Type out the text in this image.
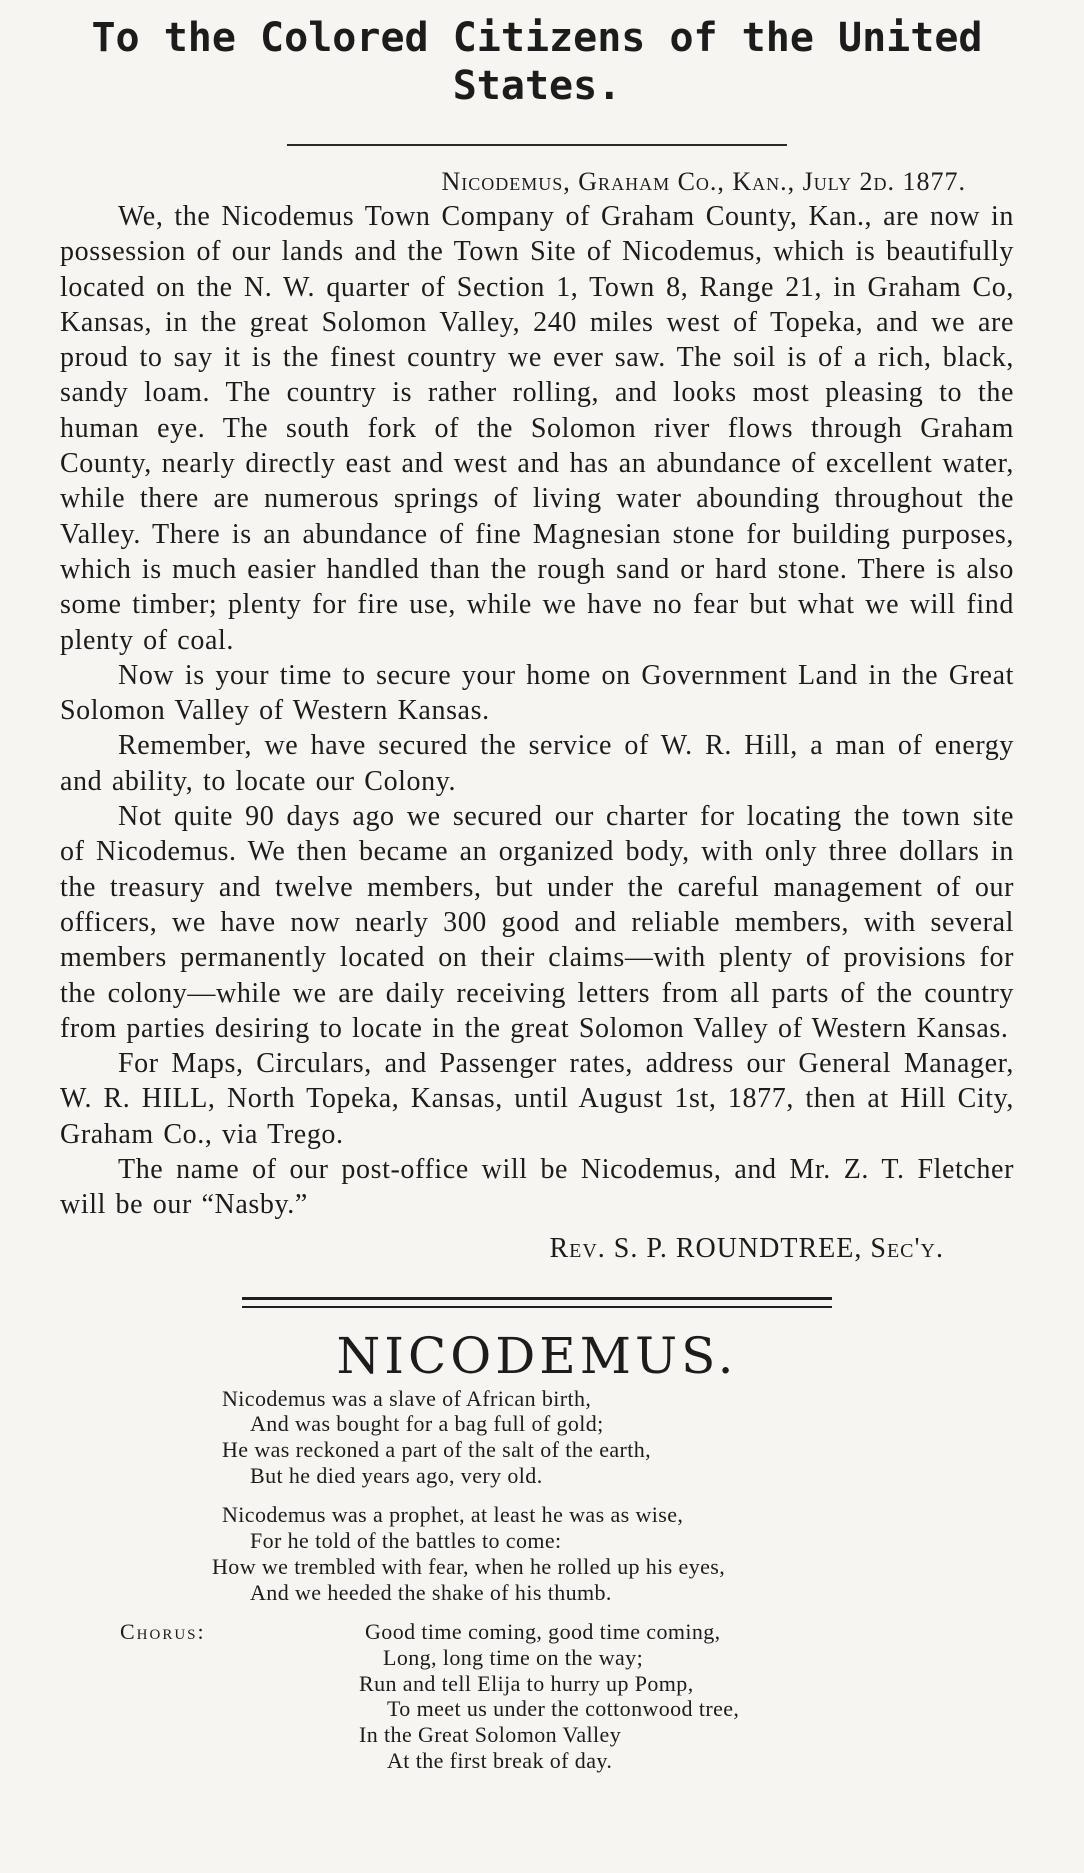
To the Colored Citizens of the United States.
Nicodemus, Graham Co., Kan., July 2d. 1877.

We, the Nicodemus Town Company of Graham County, Kan., are now in possession of our lands and the Town Site of Nicodemus, which is beautifully located on the N. W. quarter of Section 1, Town 8, Range 21, in Graham Co, Kansas, in the great Solomon Valley, 240 miles west of Topeka, and we are proud to say it is the finest country we ever saw. The soil is of a rich, black, sandy loam. The country is rather rolling, and looks most pleasing to the human eye. The south fork of the Solomon river flows through Graham County, nearly directly east and west and has an abundance of excellent water, while there are numerous springs of living water abounding throughout the Valley. There is an abundance of fine Magnesian stone for building purposes, which is much easier handled than the rough sand or hard stone. There is also some timber; plenty for fire use, while we have no fear but what we will find plenty of coal.

Now is your time to secure your home on Government Land in the Great Solomon Valley of Western Kansas.

Remember, we have secured the service of W. R. Hill, a man of energy and ability, to locate our Colony.

Not quite 90 days ago we secured our charter for locating the town site of Nicodemus. We then became an organized body, with only three dollars in the treasury and twelve members, but under the careful management of our officers, we have now nearly 300 good and reliable members, with several members permanently located on their claims—with plenty of provisions for the colony—while we are daily receiving letters from all parts of the country from parties desiring to locate in the great Solomon Valley of Western Kansas.

For Maps, Circulars, and Passenger rates, address our General Manager, W. R. HILL, North Topeka, Kansas, until August 1st, 1877, then at Hill City, Graham Co., via Trego.

The name of our post-office will be Nicodemus, and Mr. Z. T. Fletcher will be our “Nasby.”

Rev. S. P. ROUNDTREE, Sec'y.
NICODEMUS.
Nicodemus was a slave of African birth,
And was bought for a bag full of gold;
He was reckoned a part of the salt of the earth,
But he died years ago, very old.
Nicodemus was a prophet, at least he was as wise,
For he told of the battles to come:
How we trembled with fear, when he rolled up his eyes,
And we heeded the shake of his thumb.
Chorus:	Good time coming, good time coming,
Long, long time on the way;
Run and tell Elija to hurry up Pomp,
To meet us under the cottonwood tree,
In the Great Solomon Valley
At the first break of day.
